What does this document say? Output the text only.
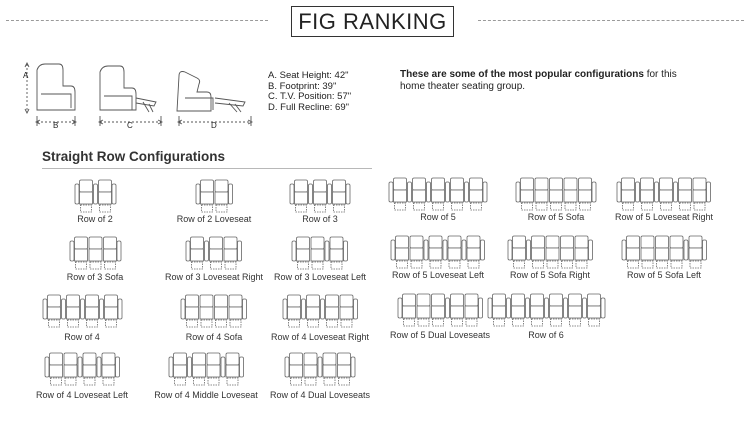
FIG RANKING
A
B	C	D
A. Seat Height: 42"
B. Footprint: 39"
C. T.V. Position: 57"
D. Full Recline: 69"
These are some of the most popular configurations for this home theater seating group.
Straight Row Configurations
Row of 2	Row of 2 Loveseat	Row of 3
Row of 3 Sofa	Row of 3 Loveseat Right Row of 3 Loveseat Left
Row of 4	Row of 4 Sofa	Row of 4 Loveseat Right
Row of 4 Loveseat Left	Row of 4 Middle Loveseat Row of 4 Dual Loveseats
Row of 5	Row of 5 Sofa	Row of 5 Loveseat Right
Row of 5 Loveseat Left	Row of 5 Sofa Right	Row of 5 Sofa Left
Row of 5 Dual Loveseats	Row of 6
